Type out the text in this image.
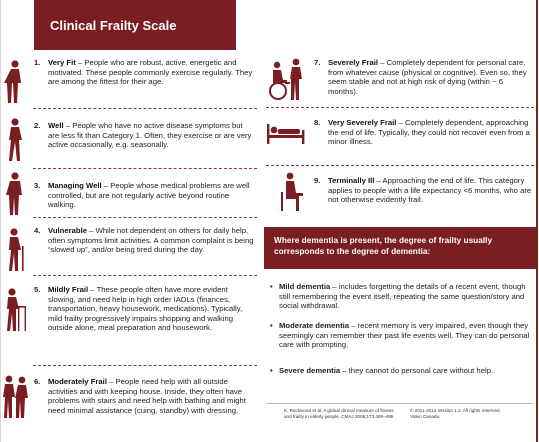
Clinical Frailty Scale
1. Very Fit – People who are robust, active, energetic and motivated. These people commonly exercise regularly. They are among the fittest for their age.
2. Well – People who have no active disease symptoms but are less fit than Category 1. Often, they exercise or are very active occasionally, e.g. seasonally.
3. Managing Well – People whose medical problems are well controlled, but are not regularly active beyond routine walking.
4. Vulnerable – While not dependent on others for daily help, often symptoms limit activities. A common complaint is being “slowed up”, and/or being tired during the day.
5. Mildly Frail – These people often have more evident slowing, and need help in high order IADLs (finances, transportation, heavy housework, medications). Typically, mild frailty progressively impairs shopping and walking outside alone, meal preparation and housework.
6. Moderately Frail – People need help with all outside activities and with keeping house. Inside, they often have problems with stairs and need help with bathing and might need minimal assistance (cuing, standby) with dressing.
7. Severely Frail – Completely dependent for personal care, from whatever cause (physical or cognitive). Even so, they seem stable and not at high risk of dying (within ~ 6 months).
8. Very Severely Frail – Completely dependent, approaching the end of life. Typically, they could not recover even from a minor illness.
9. Terminally Ill – Approaching the end of life. This category applies to people with a life expectancy <6 months, who are not otherwise evidently frail.
Where dementia is present, the degree of frailty usually corresponds to the degree of dementia:
• Mild dementia – includes forgetting the details of a recent event, though still remembering the event itself, repeating the same question/story and social withdrawal.
• Moderate dementia – recent memory is very impaired, even though they seemingly can remember their past life events well. They can do personal care with prompting.
• Severe dementia – they cannot do personal care without help.
K. Rockwood et al. A global clinical measure of fitness and frailty in elderly people. CMAJ 2005;173:489–495
© 2011-2012 Version 1.2. All rights reserved. Video Canada.
